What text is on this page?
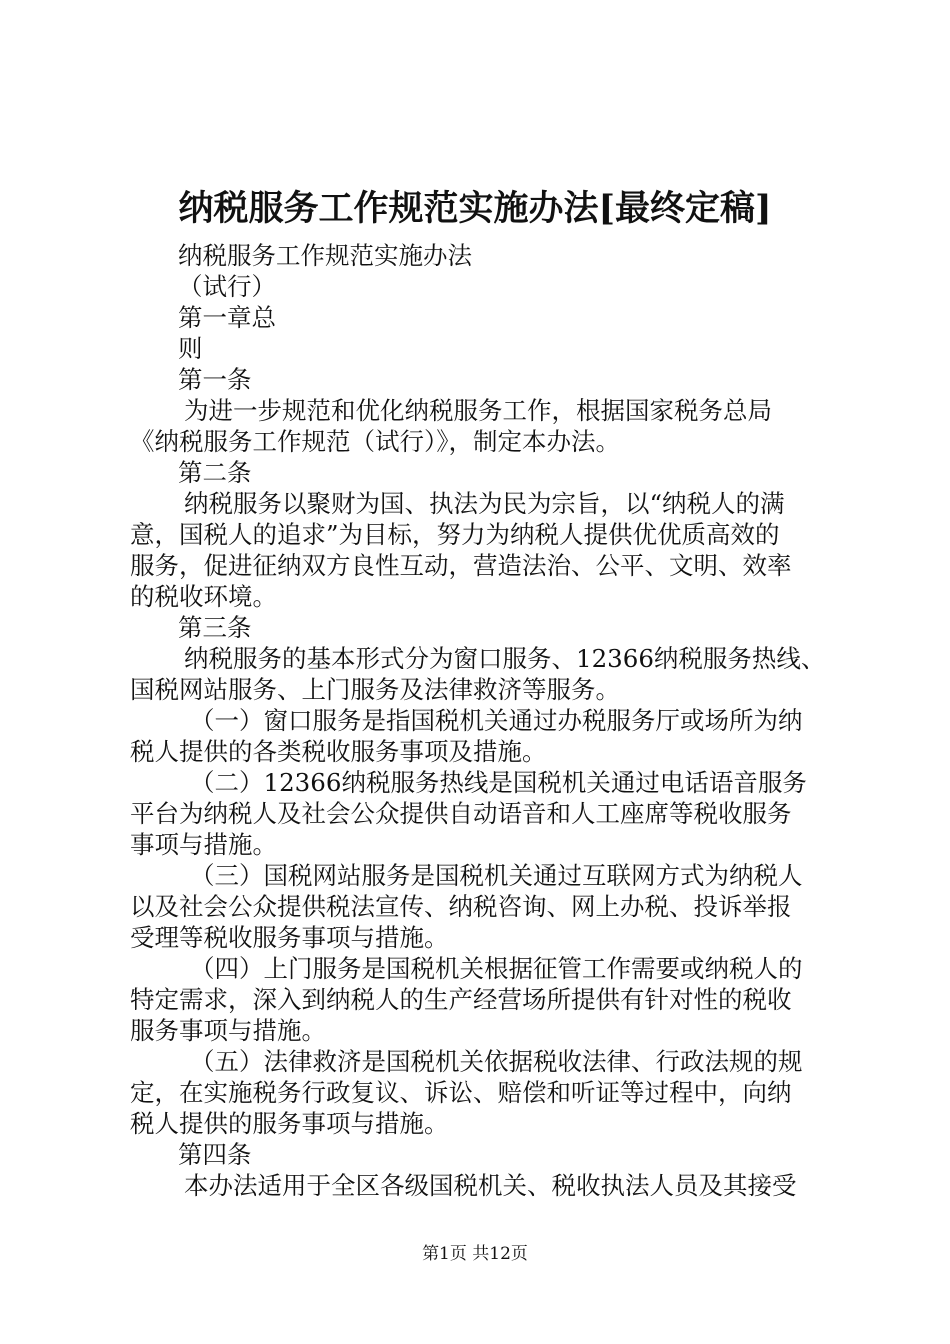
纳税服务工作规范实施办法[最终定稿]
纳税服务工作规范实施办法
（试行）
第一章总
则
第一条
为进一步规范和优化纳税服务工作，根据国家税务总局
《纳税服务工作规范（试行）》，制定本办法。
第二条
纳税服务以聚财为国、执法为民为宗旨，以“纳税人的满
意，国税人的追求”为目标，努力为纳税人提供优优质高效的
服务，促进征纳双方良性互动，营造法治、公平、文明、效率
的税收环境。
第三条
纳税服务的基本形式分为窗口服务、12366纳税服务热线、
国税网站服务、上门服务及法律救济等服务。
（一）窗口服务是指国税机关通过办税服务厅或场所为纳
税人提供的各类税收服务事项及措施。
（二）12366纳税服务热线是国税机关通过电话语音服务
平台为纳税人及社会公众提供自动语音和人工座席等税收服务
事项与措施。
（三）国税网站服务是国税机关通过互联网方式为纳税人
以及社会公众提供税法宣传、纳税咨询、网上办税、投诉举报
受理等税收服务事项与措施。
（四）上门服务是国税机关根据征管工作需要或纳税人的
特定需求，深入到纳税人的生产经营场所提供有针对性的税收
服务事项与措施。
（五）法律救济是国税机关依据税收法律、行政法规的规
定，在实施税务行政复议、诉讼、赔偿和听证等过程中，向纳
税人提供的服务事项与措施。
第四条
本办法适用于全区各级国税机关、税收执法人员及其接受
第1页 共12页
